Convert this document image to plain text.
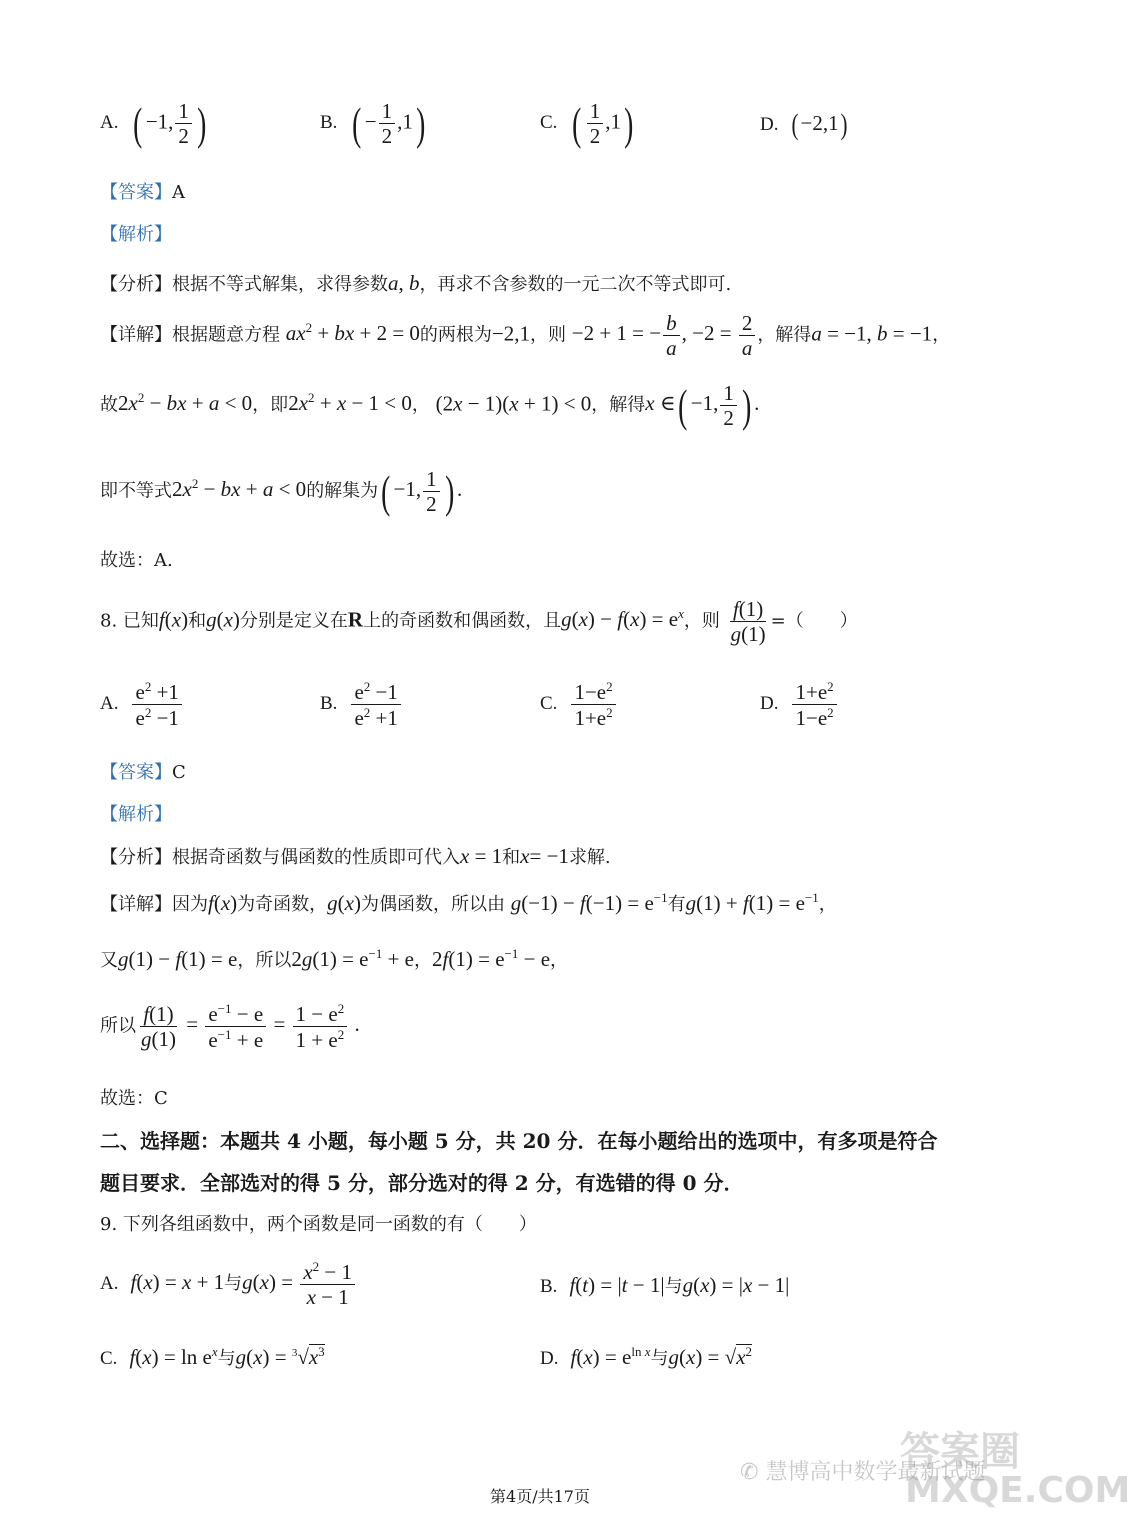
A. ( −1, $\frac{1}{2}$ )	B. ( − $\frac{1}{2} ,1$)	C. ( $\frac{1}{2} ,1$)	D. (−2,1)
【答案】A
【解析】
【分析】根据不等式解集，求得参数a, b，再求不含参数的一元二次不等式即可.
【详解】根据题意方程 $ax^2$ + bx + 2 = 0的两根为−2,1，则 −2 + 1 = − $\frac{b}{a}$ , $-2 = \frac{2}{a}$ ，解得a = −1, b = −1，
故$2x^2$ − bx + a < 0，即$2x^2 + x - 1 < 0$， (2x − 1)(x + 1) < 0，解得x ∈( −1, $\frac{1}{2}$ ) .
即不等式$2x^2$ − bx + a < 0的解集为( −1, $\frac{1}{2}$ ) .
故选：A.
8. 已知f(x)和g(x)分别是定义在R上的奇函数和偶函数，且$g(x) - f(x) = e^x$，则 $\frac{f(1)}{g(1)}$ =（　　）
A. $\frac{e^2 +1}{e^2 -1}$	B. $\frac{e^2 -1}{e^2 +1}$	C. $\frac{1-e^2}{1+e^2}$	D. $\frac{1+e^2}{1-e^2}$
【答案】C
【解析】
【分析】根据奇函数与偶函数的性质即可代入x = 1和x= −1求解.
【详解】因为f(x)为奇函数，g(x)为偶函数，所以由 $g(-1) - f(-1) = e^{-1}$有$g(1) + f(1) = e^{-1}$，
又g(1) − f(1) = e，所以$2g(1) = e^{-1} + e$，$2f(1) = e^{-1} - e$，
所以 $\frac{f(1)}{g(1)} = \frac{e^{-1} - e}{e^{-1} + e} = \frac{1 - e^2}{1 + e^2}$ .
故选：C
二、选择题：本题共 4 小题，每小题 5 分，共 20 分．在每小题给出的选项中，有多项是符合
题目要求．全部选对的得 5 分，部分选对的得 2 分，有选错的得 0 分．
9. 下列各组函数中，两个函数是同一函数的有（　　）
A. f(x) = x + 1与$g(x) = \frac{x^2 - 1}{x - 1}$	B. f(t) = |t − 1|与g(x) = |x − 1|
C. $f(x) = \ln e^x$与$g(x) = ^3√x^3$	D. $f(x) = e^{ln x}$与$g(x) = √x^2$
答案圈
MXQE.COM
✆ 慧博高中数学最新试题
第4页/共17页
